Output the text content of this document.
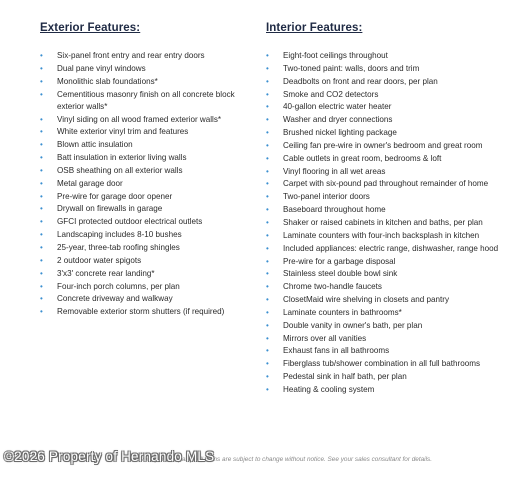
Exterior Features:
• Six-panel front entry and rear entry doors
• Dual pane vinyl windows
• Monolithic slab foundations*
• Cementitious masonry finish on all concrete block exterior walls*
• Vinyl siding on all wood framed exterior walls*
• White exterior vinyl trim and features
• Blown attic insulation
• Batt insulation in exterior living walls
• OSB sheathing on all exterior walls
• Metal garage door
• Pre-wire for garage door opener
• Drywall on firewalls in garage
• GFCI protected outdoor electrical outlets
• Landscaping includes 8-10 bushes
• 25-year, three-tab roofing shingles
• 2 outdoor water spigots
• 3'x3' concrete rear landing*
• Four-inch porch columns, per plan
• Concrete driveway and walkway
• Removable exterior storm shutters (if required)
Interior Features:
• Eight-foot ceilings throughout
• Two-toned paint: walls, doors and trim
• Deadbolts on front and rear doors, per plan
• Smoke and CO2 detectors
• 40-gallon electric water heater
• Washer and dryer connections
• Brushed nickel lighting package
• Ceiling fan pre-wire in owner's bedroom and great room
• Cable outlets in great room, bedrooms & loft
• Vinyl flooring in all wet areas
• Carpet with six-pound pad throughout remainder of home
• Two-panel interior doors
• Baseboard throughout home
• Shaker or raised cabinets in kitchen and baths, per plan
• Laminate counters with four-inch backsplash in kitchen
• Included appliances: electric range, dishwasher, range hood
• Pre-wire for a garbage disposal
• Stainless steel double bowl sink
• Chrome two-handle faucets
• ClosetMaid wire shelving in closets and pantry
• Laminate counters in bathrooms*
• Double vanity in owner's bath, per plan
• Mirrors over all vanities
• Exhaust fans in all bathrooms
• Fiberglass tub/shower combination in all full bathrooms
• Pedestal sink in half bath, per plan
• Heating & cooling system
r/or by municipality. All items are subject to change without notice. See your sales consultant for details.
©2026 Property of Hernando MLS
